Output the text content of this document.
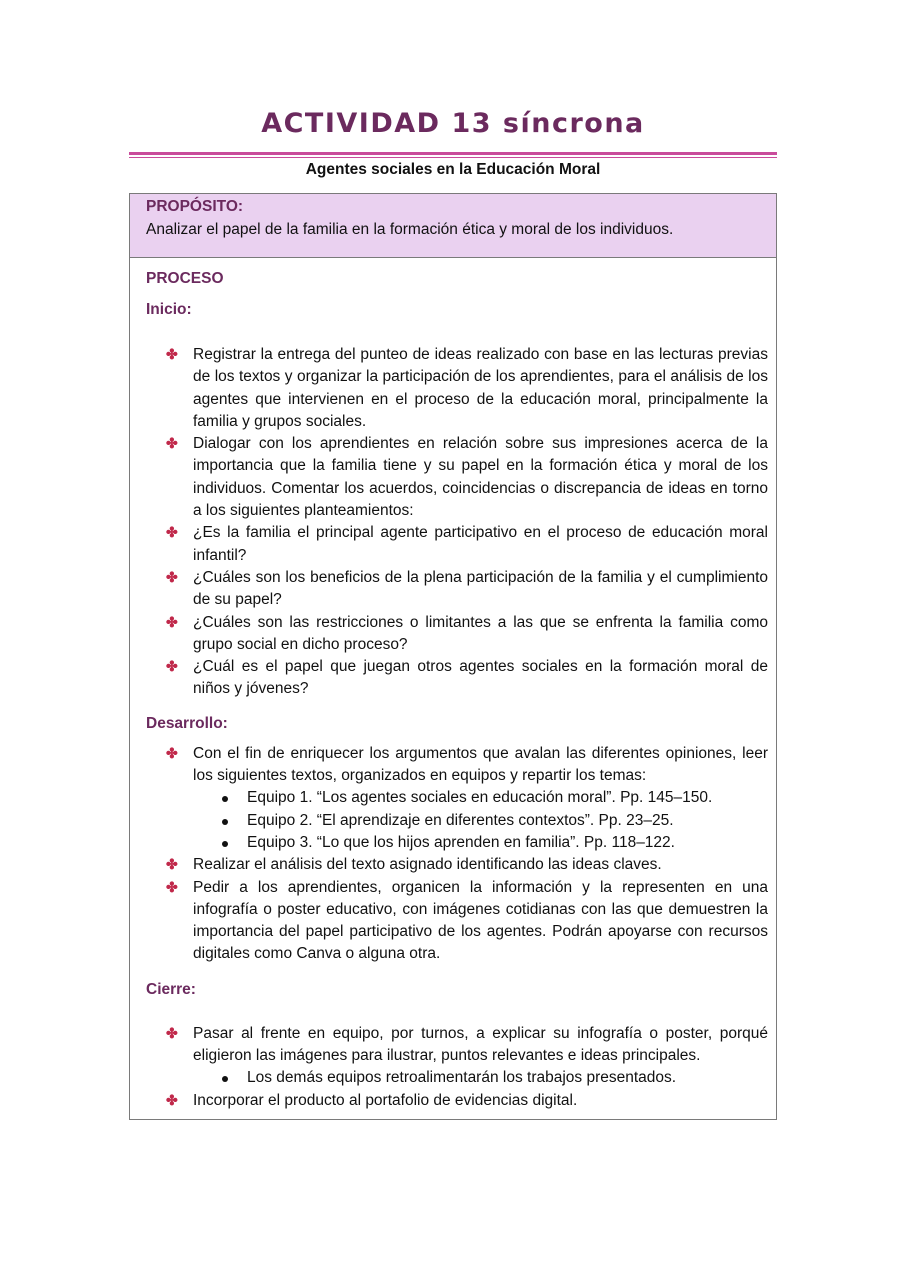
ACTIVIDAD 13 síncrona
Agentes sociales en la Educación Moral
PROPÓSITO:
Analizar el papel de la familia en la formación ética y moral de los individuos.
PROCESO
Inicio:
✤ Registrar la entrega del punteo de ideas realizado con base en las lecturas previas de los textos y organizar la participación de los aprendientes, para el análisis de los agentes que intervienen en el proceso de la educación moral, principalmente la familia y grupos sociales.
✤ Dialogar con los aprendientes en relación sobre sus impresiones acerca de la importancia que la familia tiene y su papel en la formación ética y moral de los individuos. Comentar los acuerdos, coincidencias o discrepancia de ideas en torno a los siguientes planteamientos:
✤ ¿Es la familia el principal agente participativo en el proceso de educación moral infantil?
✤ ¿Cuáles son los beneficios de la plena participación de la familia y el cumplimiento de su papel?
✤ ¿Cuáles son las restricciones o limitantes a las que se enfrenta la familia como grupo social en dicho proceso?
✤ ¿Cuál es el papel que juegan otros agentes sociales en la formación moral de niños y jóvenes?
Desarrollo:
✤ Con el fin de enriquecer los argumentos que avalan las diferentes opiniones, leer los siguientes textos, organizados en equipos y repartir los temas:
Equipo 1. “Los agentes sociales en educación moral”. Pp. 145–150.
Equipo 2. “El aprendizaje en diferentes contextos”. Pp. 23–25.
Equipo 3. “Lo que los hijos aprenden en familia”. Pp. 118–122.
✤ Realizar el análisis del texto asignado identificando las ideas claves.
✤ Pedir a los aprendientes, organicen la información y la representen en una infografía o poster educativo, con imágenes cotidianas con las que demuestren la importancia del papel participativo de los agentes. Podrán apoyarse con recursos digitales como Canva o alguna otra.
Cierre:
✤ Pasar al frente en equipo, por turnos, a explicar su infografía o poster, porqué eligieron las imágenes para ilustrar, puntos relevantes e ideas principales.
Los demás equipos retroalimentarán los trabajos presentados.
✤ Incorporar el producto al portafolio de evidencias digital.
